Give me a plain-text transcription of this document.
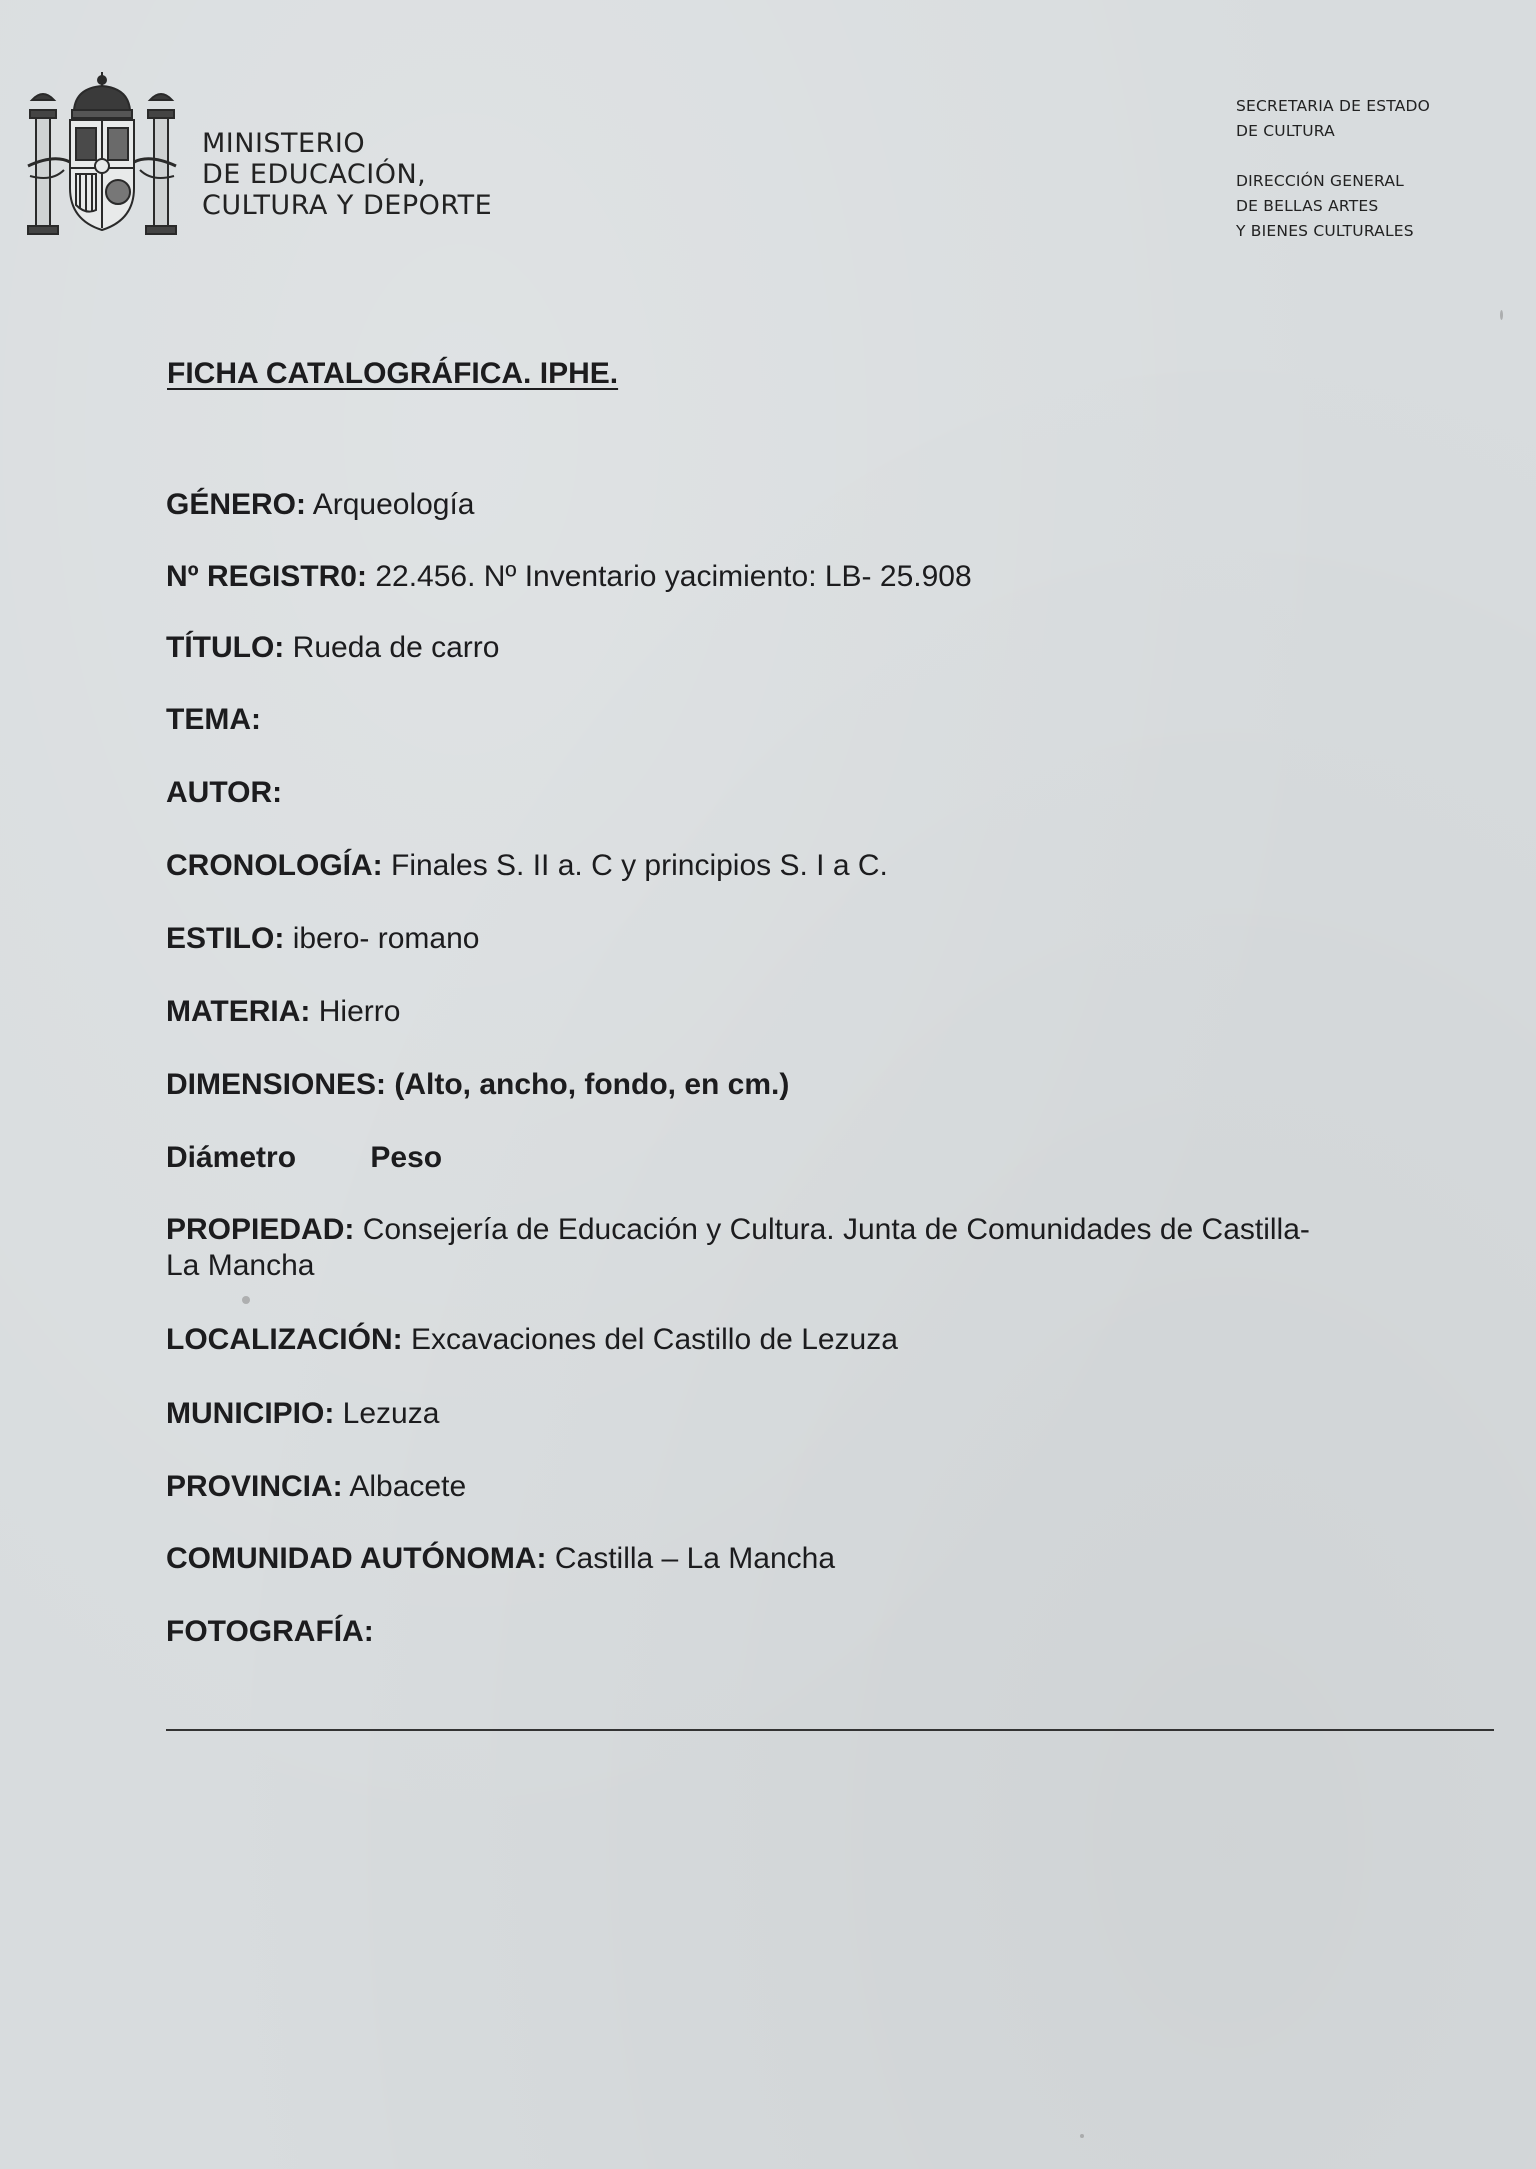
MINISTERIO
DE EDUCACIÓN,
CULTURA Y DEPORTE
SECRETARIA DE ESTADO
DE CULTURA
DIRECCIÓN GENERAL
DE BELLAS ARTES
Y BIENES CULTURALES
FICHA CATALOGRÁFICA. IPHE.
GÉNERO: Arqueología
Nº REGISTR0: 22.456. Nº Inventario yacimiento: LB- 25.908
TÍTULO: Rueda de carro
TEMA:
AUTOR:
CRONOLOGÍA: Finales S. II a. C y principios S. I a C.
ESTILO: ibero- romano
MATERIA: Hierro
DIMENSIONES: (Alto, ancho, fondo, en cm.)
Diámetro Peso
PROPIEDAD: Consejería de Educación y Cultura. Junta de Comunidades de Castilla- La Mancha
LOCALIZACIÓN: Excavaciones del Castillo de Lezuza
MUNICIPIO: Lezuza
PROVINCIA: Albacete
COMUNIDAD AUTÓNOMA: Castilla – La Mancha
FOTOGRAFÍA:
